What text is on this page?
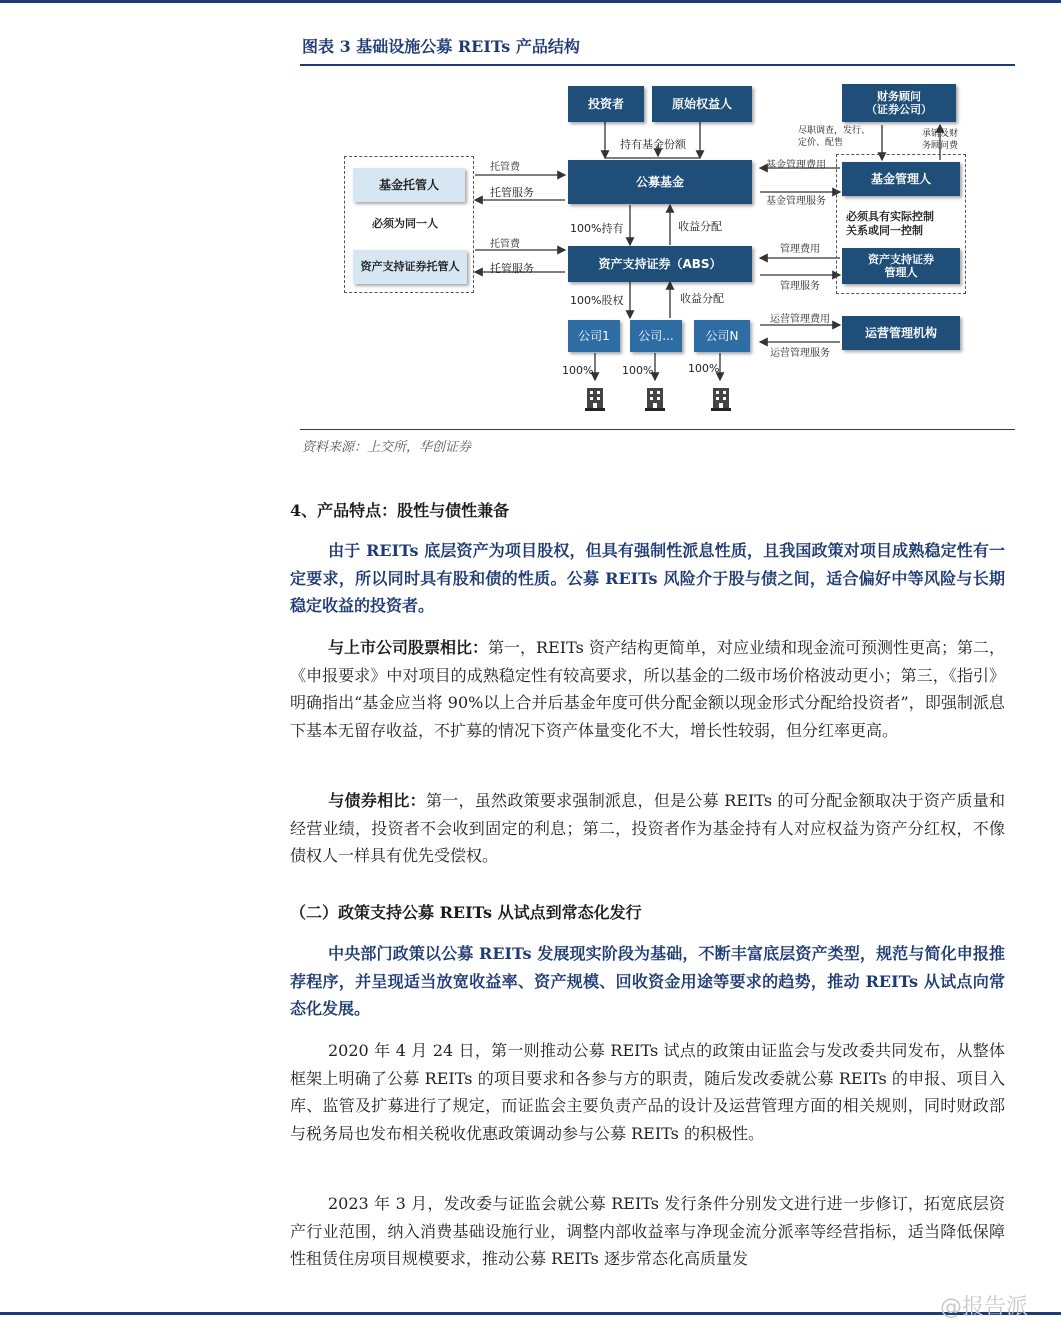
图表 3 基础设施公募 REITs 产品结构
投资者	原始权益人
财务顾问
（证券公司）
持有基金份额
基金托管人
必须为同一人
资产支持证券托管人
托管费
托管服务
托管费
托管服务
公募基金
资产支持证券（ABS）
100%持有	收益分配
100%股权	收益分配
尽职调查，发行、
定价、配售
承销及财
务顾问费
基金管理费用
基金管理服务
管理费用
管理服务
运营管理费用
运营管理服务
基金管理人
必须具有实际控制
关系或同一控制
资产支持证券
管理人
公司1	公司...	公司N	运营管理机构
100%	100%	100%
资料来源：上交所，华创证券
4、产品特点：股性与债性兼备
由于 REITs 底层资产为项目股权，但具有强制性派息性质，且我国政策对项目成熟稳定性有一定要求，所以同时具有股和债的性质。公募 REITs 风险介于股与债之间，适合偏好中等风险与长期稳定收益的投资者。
与上市公司股票相比：第一，REITs 资产结构更简单，对应业绩和现金流可预测性更高；第二，《申报要求》中对项目的成熟稳定性有较高要求，所以基金的二级市场价格波动更小；第三，《指引》明确指出“基金应当将 90%以上合并后基金年度可供分配金额以现金形式分配给投资者”，即强制派息下基本无留存收益，不扩募的情况下资产体量变化不大，增长性较弱，但分红率更高。
与债券相比：第一，虽然政策要求强制派息，但是公募 REITs 的可分配金额取决于资产质量和经营业绩，投资者不会收到固定的利息；第二，投资者作为基金持有人对应权益为资产分红权，不像债权人一样具有优先受偿权。
（二）政策支持公募 REITs 从试点到常态化发行
中央部门政策以公募 REITs 发展现实阶段为基础，不断丰富底层资产类型，规范与简化申报推荐程序，并呈现适当放宽收益率、资产规模、回收资金用途等要求的趋势，推动 REITs 从试点向常态化发展。
2020 年 4 月 24 日，第一则推动公募 REITs 试点的政策由证监会与发改委共同发布，从整体框架上明确了公募 REITs 的项目要求和各参与方的职责，随后发改委就公募 REITs 的申报、项目入库、监管及扩募进行了规定，而证监会主要负责产品的设计及运营管理方面的相关规则，同时财政部与税务局也发布相关税收优惠政策调动参与公募 REITs 的积极性。
2023 年 3 月，发改委与证监会就公募 REITs 发行条件分别发文进行进一步修订，拓宽底层资产行业范围，纳入消费基础设施行业，调整内部收益率与净现金流分派率等经营指标，适当降低保障性租赁住房项目规模要求，推动公募 REITs 逐步常态化高质量发
@报告派
